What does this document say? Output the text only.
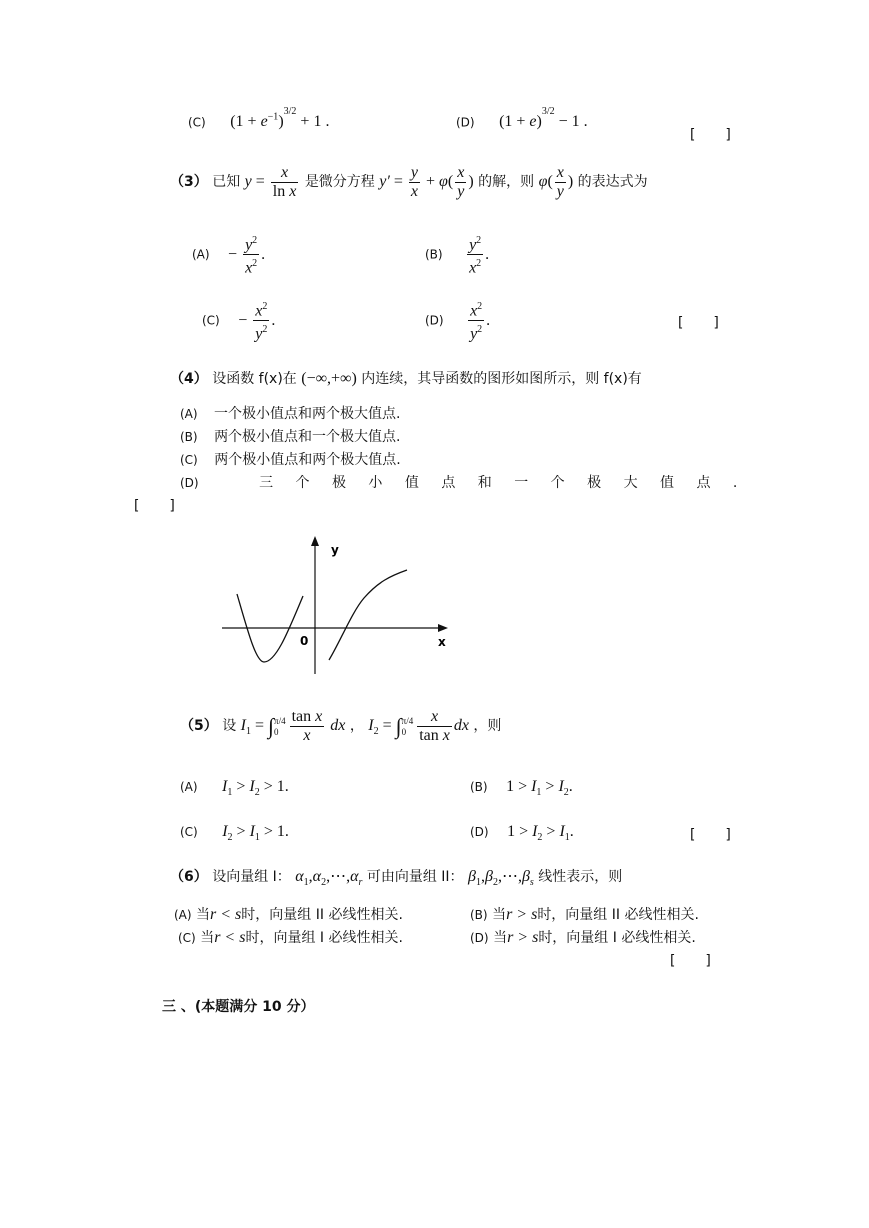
(C) $(1 + e^{-1})^{3/2} + 1$ .	(D) $(1 + e)^{3/2} - 1$ .
[　　]
（3） 已知 $y = \frac{x}{\text{ln x}}$ 是微分方程 $y' = \frac{y}{x} + \varphi( \frac{x}{y}$ ) 的解，则 $\varphi( \frac{x}{y}$ ) 的表达式为
$(A) - \frac{y^2}{x^2}$ .	$(B) \frac{y^2}{x^2}$ .
$(C) - \frac{x^2}{y^2}$ .	$(D) \frac{x^2}{y^2}$ .	[　　]
（4） 设函数 f(x)在 (−∞,+∞) 内连续，其导函数的图形如图所示，则 f(x)有
(A) 一个极小值点和两个极大值点.
(B) 两个极小值点和一个极大值点.
(C) 两个极小值点和两个极大值点.
(D)	三 个 极 小 值 点 和 一 个 极 大 值 点 .
[　　]
y
x
0
（5） 设 $I_1 = \int\pi/4$
$0 \frac{\text{tan x}}{x}$ dx ， $I_2 = \int\pi/4$
$0 \frac{x}{\text{tan x}}$ dx ，则
(A) $I_1 > I_2 > 1$.	(B) $1 > I_1 > I_2$.
(C) $I_2 > I_1 > 1$.	(D) $1 > I_2 > I_1$.	[　　]
（6） 设向量组 I： $\alpha_1,\alpha_2,\cdots,\alpha_r$ 可由向量组 II： $\beta_1,\beta_2,\cdots,\beta_s$ 线性表示，则
(A) 当r < s时，向量组 II 必线性相关.	(B) 当r > s时，向量组 II 必线性相关.
(C) 当r < s时，向量组 I 必线性相关.	(D) 当r > s时，向量组 I 必线性相关.
[　　]
三 、(本题满分 10 分）
